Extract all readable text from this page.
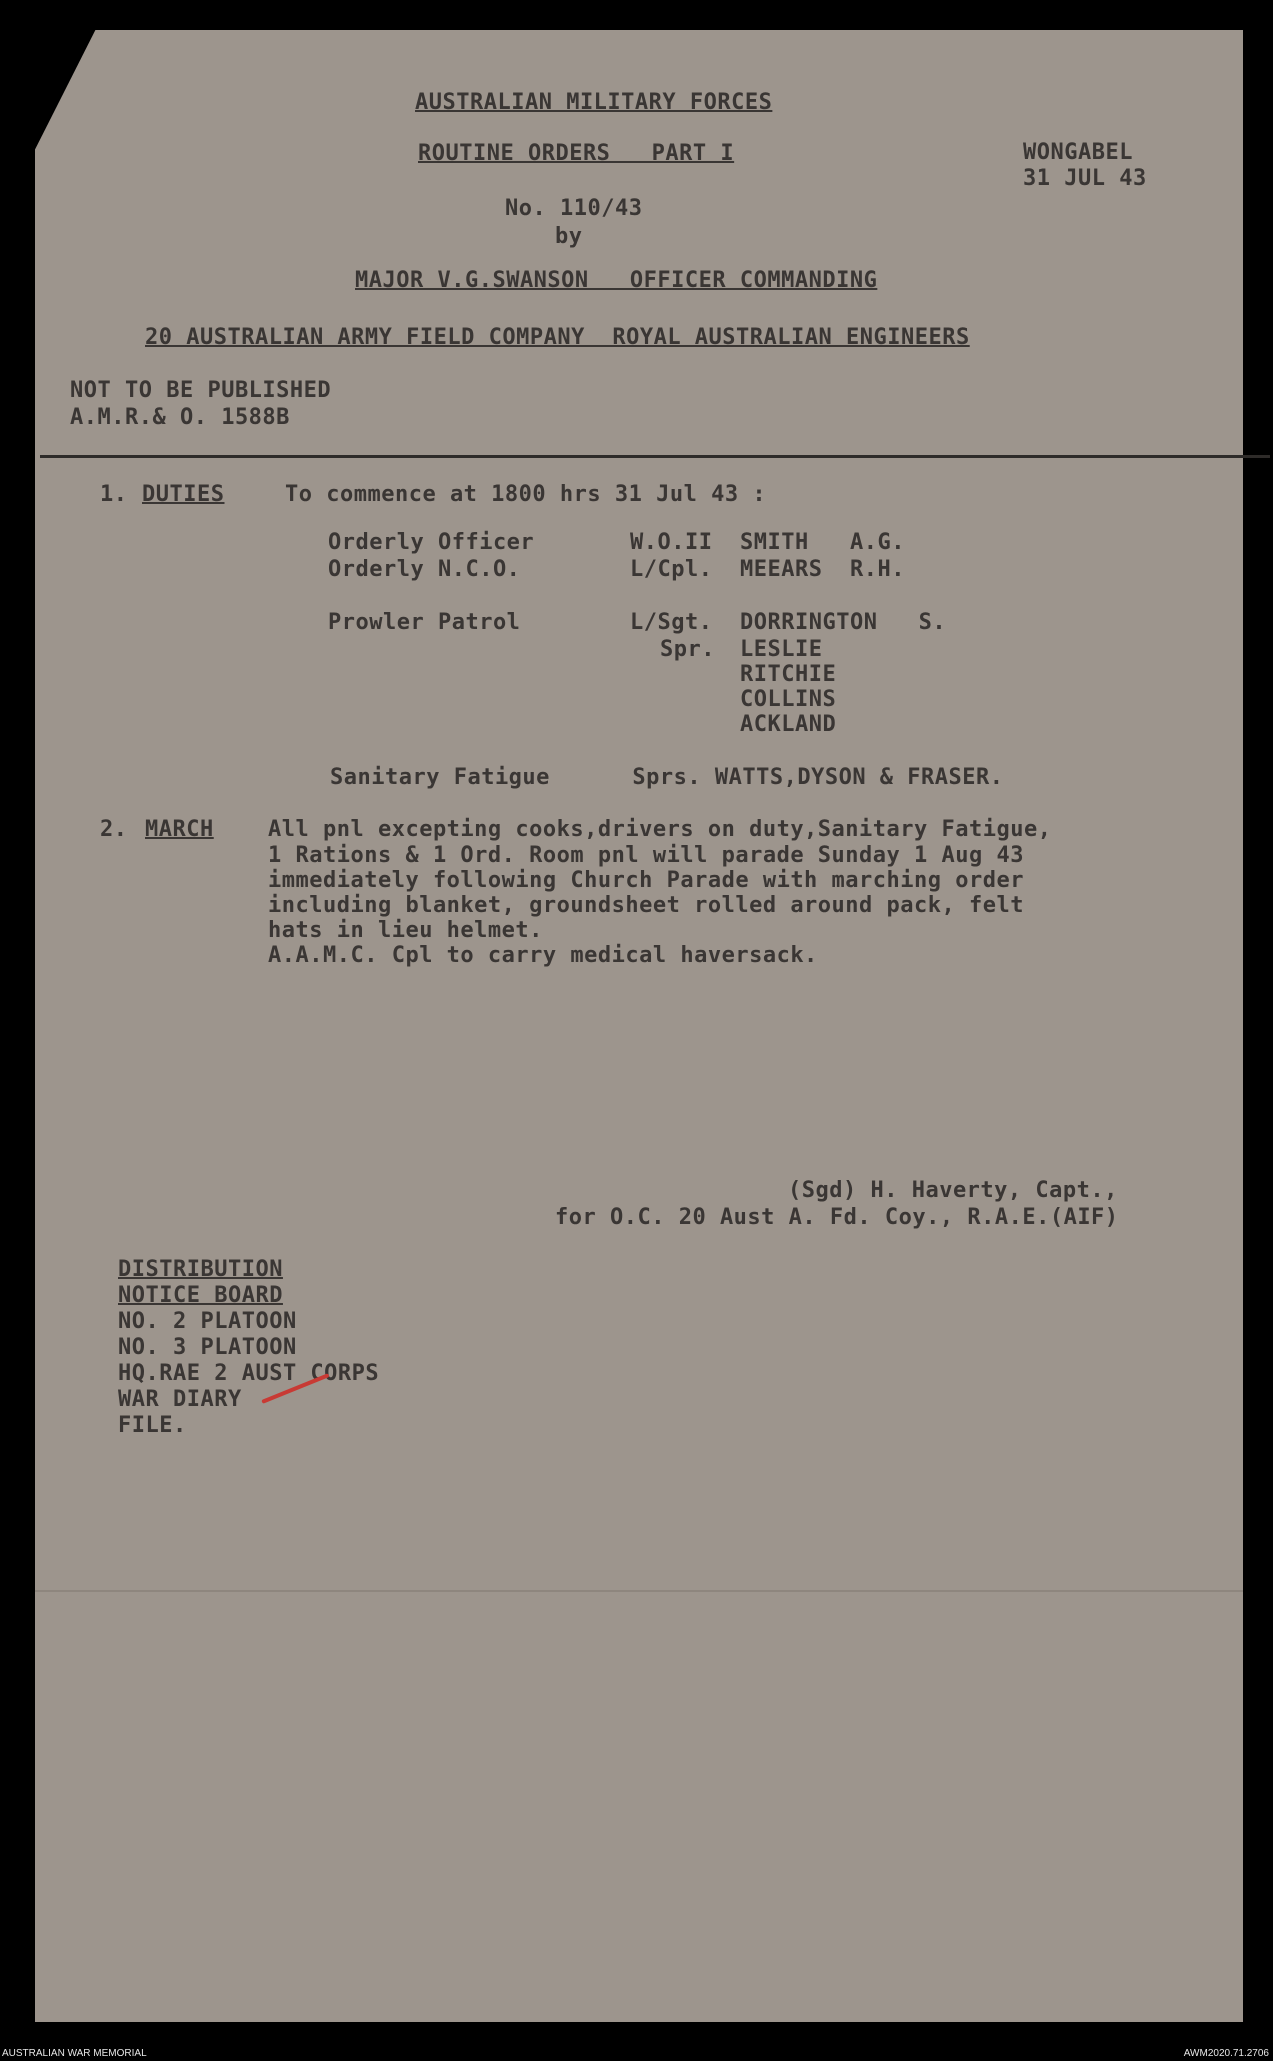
AUSTRALIAN MILITARY FORCES
ROUTINE ORDERS   PART I	WONGABEL
31 JUL 43
No. 110/43
by
MAJOR V.G.SWANSON   OFFICER COMMANDING
20 AUSTRALIAN ARMY FIELD COMPANY  ROYAL AUSTRALIAN ENGINEERS
NOT TO BE PUBLISHED
A.M.R.& O. 1588B
1. DUTIES	To commence at 1800 hrs 31 Jul 43 :
Orderly Officer	W.O.II SMITH   A.G.
Orderly N.C.O.	L/Cpl. MEEARS  R.H.
Prowler Patrol	L/Sgt. DORRINGTON   S.
Spr. LESLIE
RITCHIE
COLLINS
ACKLAND
Sanitary Fatigue      Sprs. WATTS,DYSON & FRASER.
2. MARCH All pnl excepting cooks,drivers on duty,Sanitary Fatigue,
1 Rations & 1 Ord. Room pnl will parade Sunday 1 Aug 43
immediately following Church Parade with marching order
including blanket, groundsheet rolled around pack, felt
hats in lieu helmet.
A.A.M.C. Cpl to carry medical haversack.
(Sgd) H. Haverty, Capt.,
for O.C. 20 Aust A. Fd. Coy., R.A.E.(AIF)
DISTRIBUTION
NOTICE BOARD
NO. 2 PLATOON
NO. 3 PLATOON
HQ.RAE 2 AUST CORPS
WAR DIARY
FILE.
AUSTRALIAN WAR MEMORIAL	AWM2020.71.2706
